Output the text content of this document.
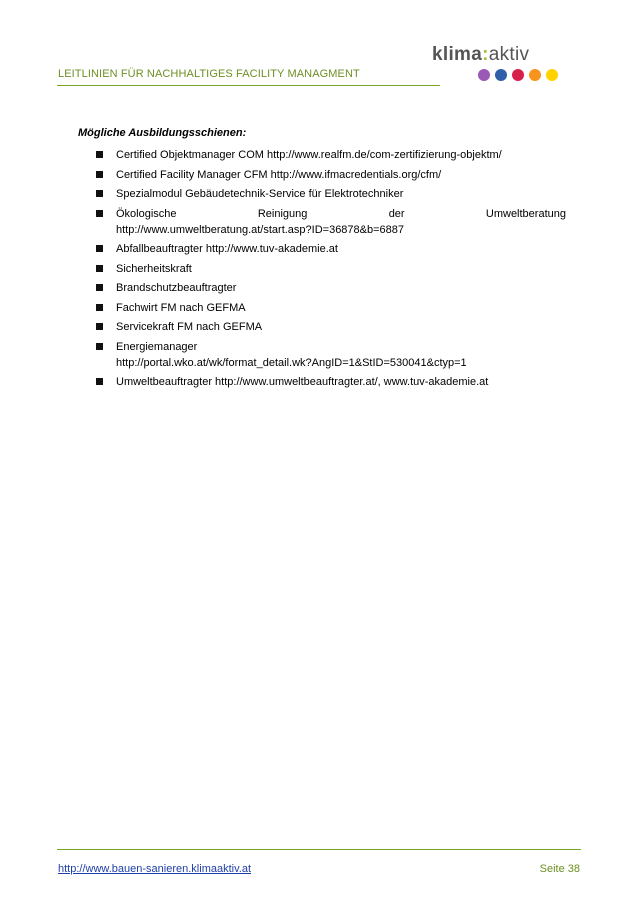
LEITLINIEN FÜR NACHHALTIGES FACILITY MANAGMENT
klima:aktiv
Mögliche Ausbildungsschienen:
Certified Objektmanager COM http://www.realfm.de/com-zertifizierung-objektm/
Certified Facility Manager CFM http://www.ifmacredentials.org/cfm/
Spezialmodul Gebäudetechnik-Service für Elektrotechniker
Ökologische	Reinigung	der	Umweltberatung
http://www.umweltberatung.at/start.asp?ID=36878&b=6887
Abfallbeauftragter http://www.tuv-akademie.at
Sicherheitskraft
Brandschutzbeauftragter
Fachwirt FM nach GEFMA
Servicekraft FM nach GEFMA
Energiemanager
http://portal.wko.at/wk/format_detail.wk?AngID=1&StID=530041&ctyp=1
Umweltbeauftragter http://www.umweltbeauftragter.at/, www.tuv-akademie.at
http://www.bauen-sanieren.klimaaktiv.at	Seite 38
